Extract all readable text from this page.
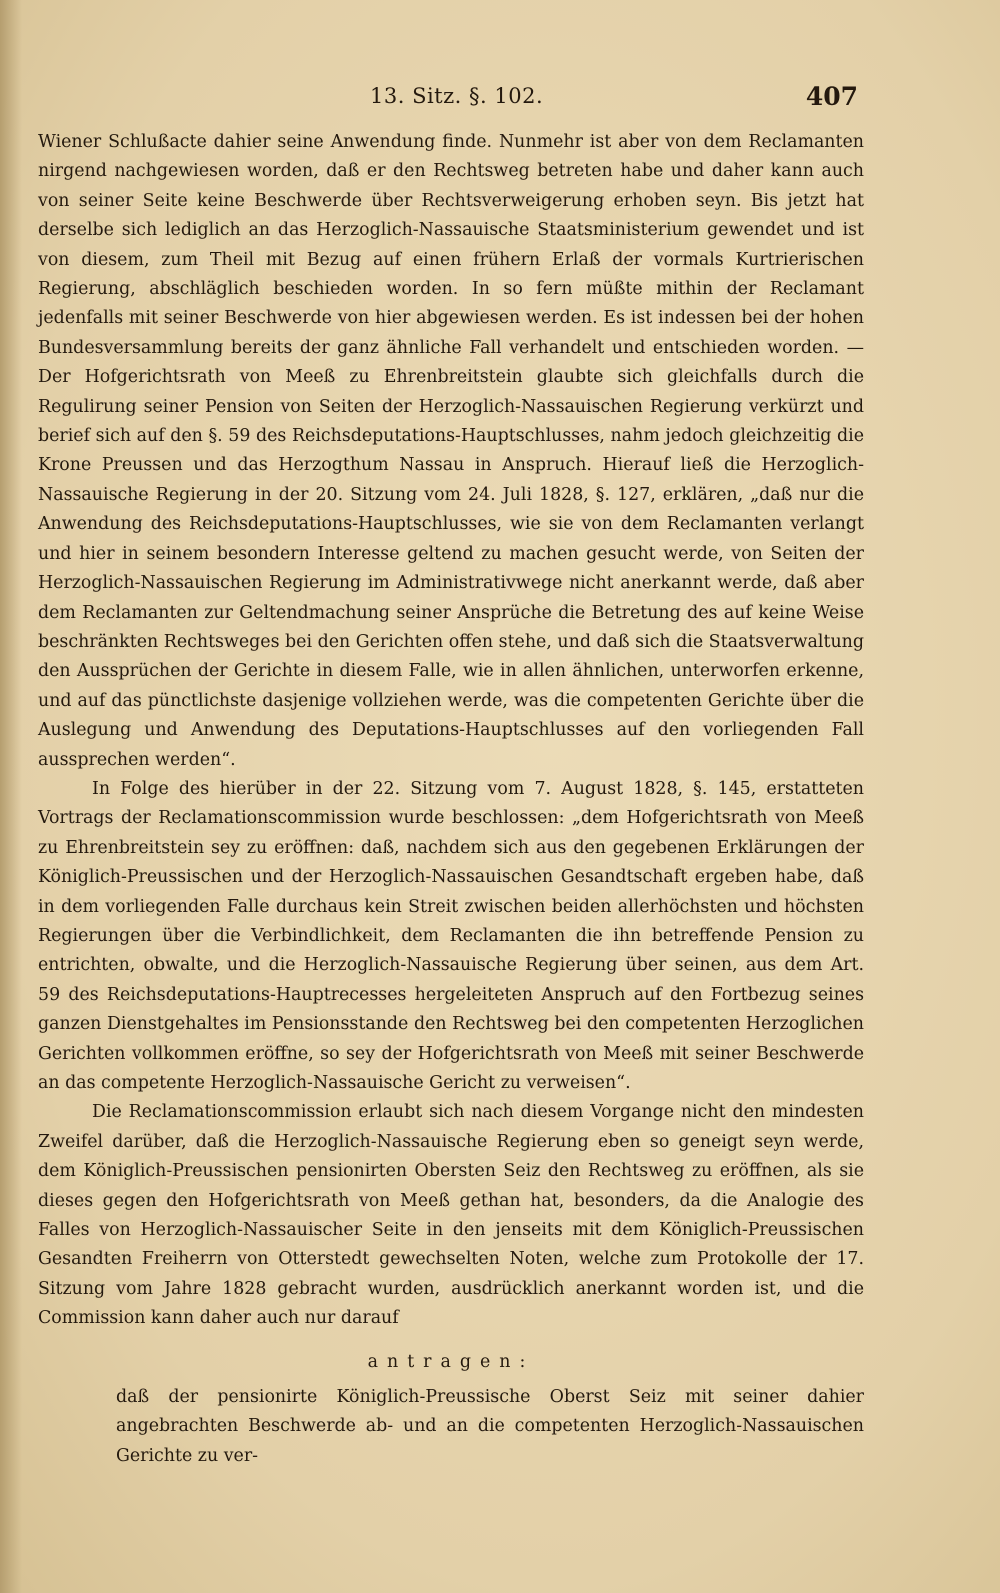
13. Sitz. §. 102.	407

Wiener Schlußacte dahier seine Anwendung finde. Nunmehr ist aber von dem Reclamanten nirgend nachgewiesen worden, daß er den Rechtsweg betreten habe und daher kann auch von seiner Seite keine Beschwerde über Rechtsverweigerung erhoben seyn. Bis jetzt hat derselbe sich lediglich an das Herzoglich-Nassauische Staatsministerium gewendet und ist von diesem, zum Theil mit Bezug auf einen frühern Erlaß der vormals Kurtrierischen Regierung, abschläglich beschieden worden. In so fern müßte mithin der Reclamant jedenfalls mit seiner Beschwerde von hier abgewiesen werden. Es ist indessen bei der hohen Bundesversammlung bereits der ganz ähnliche Fall verhandelt und entschieden worden. — Der Hofgerichtsrath von Meeß zu Ehrenbreitstein glaubte sich gleichfalls durch die Regulirung seiner Pension von Seiten der Herzoglich-Nassauischen Regierung verkürzt und berief sich auf den §. 59 des Reichsdeputations-Hauptschlusses, nahm jedoch gleichzeitig die Krone Preussen und das Herzogthum Nassau in Anspruch. Hierauf ließ die Herzoglich-Nassauische Regierung in der 20. Sitzung vom 24. Juli 1828, §. 127, erklären, „daß nur die Anwendung des Reichsdeputations-Hauptschlusses, wie sie von dem Reclamanten verlangt und hier in seinem besondern Interesse geltend zu machen gesucht werde, von Seiten der Herzoglich-Nassauischen Regierung im Administrativwege nicht anerkannt werde, daß aber dem Reclamanten zur Geltendmachung seiner Ansprüche die Betretung des auf keine Weise beschränkten Rechtsweges bei den Gerichten offen stehe, und daß sich die Staatsverwaltung den Aussprüchen der Gerichte in diesem Falle, wie in allen ähnlichen, unterworfen erkenne, und auf das pünctlichste dasjenige vollziehen werde, was die competenten Gerichte über die Auslegung und Anwendung des Deputations-Hauptschlusses auf den vorliegenden Fall aussprechen werden“.

In Folge des hierüber in der 22. Sitzung vom 7. August 1828, §. 145, erstatteten Vortrags der Reclamationscommission wurde beschlossen: „dem Hofgerichtsrath von Meeß zu Ehrenbreitstein sey zu eröffnen: daß, nachdem sich aus den gegebenen Erklärungen der Königlich-Preussischen und der Herzoglich-Nassauischen Gesandtschaft ergeben habe, daß in dem vorliegenden Falle durchaus kein Streit zwischen beiden allerhöchsten und höchsten Regierungen über die Verbindlichkeit, dem Reclamanten die ihn betreffende Pension zu entrichten, obwalte, und die Herzoglich-Nassauische Regierung über seinen, aus dem Art. 59 des Reichsdeputations-Hauptrecesses hergeleiteten Anspruch auf den Fortbezug seines ganzen Dienstgehaltes im Pensionsstande den Rechtsweg bei den competenten Herzoglichen Gerichten vollkommen eröffne, so sey der Hofgerichtsrath von Meeß mit seiner Beschwerde an das competente Herzoglich-Nassauische Gericht zu verweisen“.

Die Reclamationscommission erlaubt sich nach diesem Vorgange nicht den mindesten Zweifel darüber, daß die Herzoglich-Nassauische Regierung eben so geneigt seyn werde, dem Königlich-Preussischen pensionirten Obersten Seiz den Rechtsweg zu eröffnen, als sie dieses gegen den Hofgerichtsrath von Meeß gethan hat, besonders, da die Analogie des Falles von Herzoglich-Nassauischer Seite in den jenseits mit dem Königlich-Preussischen Gesandten Freiherrn von Otterstedt gewechselten Noten, welche zum Protokolle der 17. Sitzung vom Jahre 1828 gebracht wurden, ausdrücklich anerkannt worden ist, und die Commission kann daher auch nur darauf

antragen:

daß der pensionirte Königlich-Preussische Oberst Seiz mit seiner dahier angebrachten Beschwerde ab- und an die competenten Herzoglich-Nassauischen Gerichte zu ver-
